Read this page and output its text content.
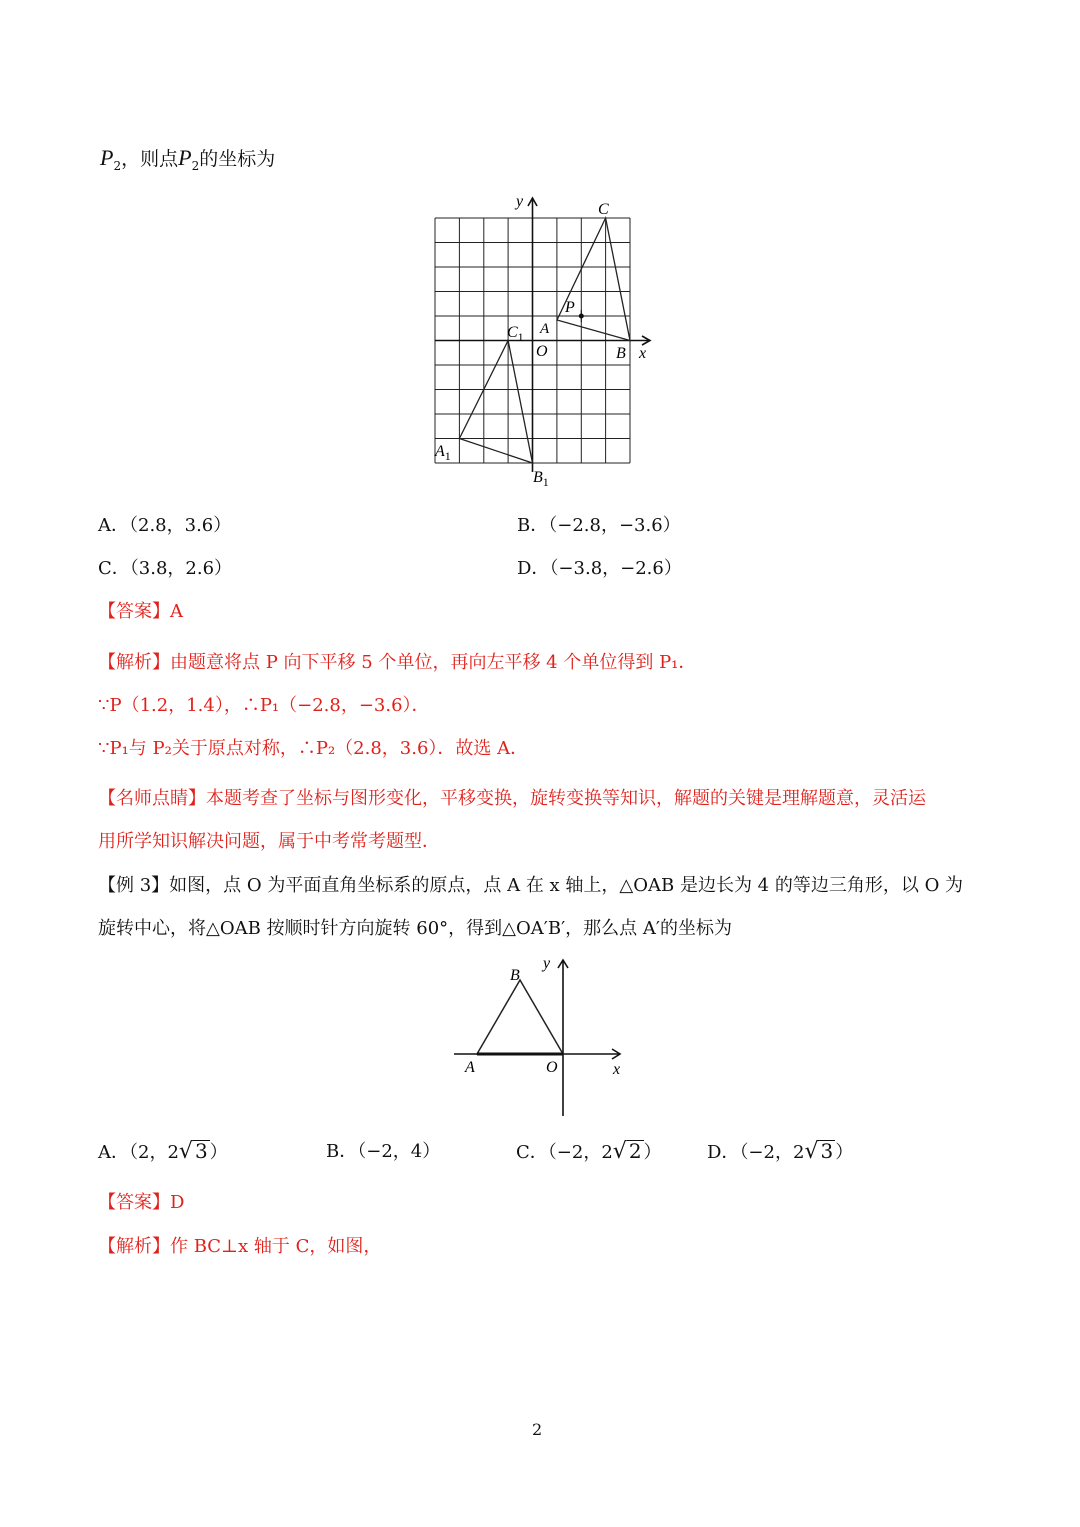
$P_2$，则点$P_2$的坐标为
y
x
C
P
A
O	B
$C_1$
$A_1$
$B_1$
A．（2.8，3.6）	B．（−2.8，−3.6）
C．（3.8，2.6）	D．（−3.8，−2.6）
【答案】A
【解析】由题意将点 P 向下平移 5 个单位，再向左平移 4 个单位得到 P₁．
∵P（1.2，1.4），∴P₁（−2.8，−3.6）．
∵P₁与 P₂关于原点对称，∴P₂（2.8，3.6）．故选 A．
【名师点睛】本题考查了坐标与图形变化，平移变换，旋转变换等知识，解题的关键是理解题意，灵活运
用所学知识解决问题，属于中考常考题型．
【例 3】如图，点 O 为平面直角坐标系的原点，点 A 在 x 轴上，△OAB 是边长为 4 的等边三角形，以 O 为
旋转中心，将△OAB 按顺时针方向旋转 60°，得到△OA′B′，那么点 A′的坐标为
y
x
B
A	O
A．（2，2√ 3 ）	B．（−2，4）	C．（−2，2√ 2 ）	D．（−2，2√ 3 ）
【答案】D
【解析】作 BC⊥x 轴于 C，如图，
2
